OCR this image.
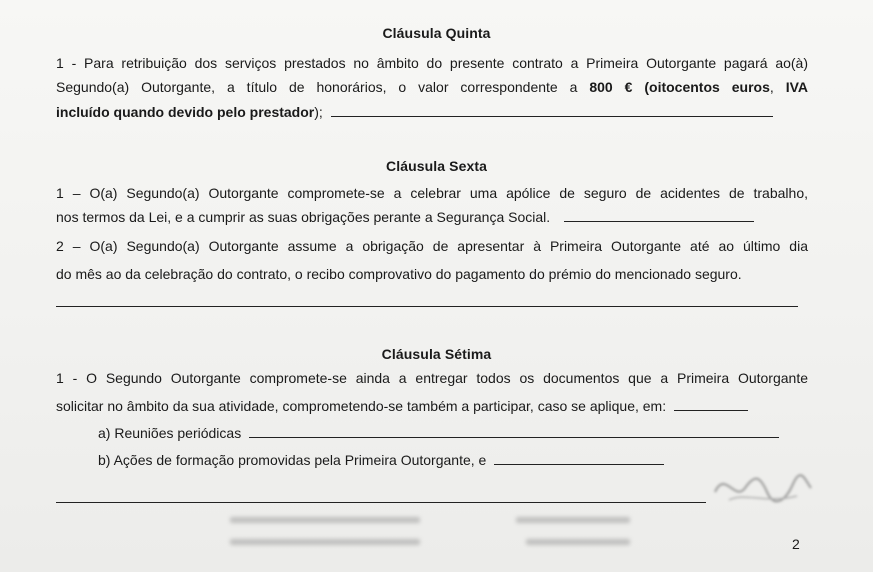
Cláusula Quinta
1 - Para retribuição dos serviços prestados no âmbito do presente contrato a Primeira Outorgante pagará ao(à)
Segundo(a) Outorgante, a título de honorários, o valor correspondente a 800 € (oitocentos euros, IVA
incluído quando devido pelo prestador);
Cláusula Sexta
1 – O(a) Segundo(a) Outorgante compromete-se a celebrar uma apólice de seguro de acidentes de trabalho,
nos termos da Lei, e a cumprir as suas obrigações perante a Segurança Social.
2 – O(a) Segundo(a) Outorgante assume a obrigação de apresentar à Primeira Outorgante até ao último dia
do mês ao da celebração do contrato, o recibo comprovativo do pagamento do prémio do mencionado seguro.
Cláusula Sétima
1 - O Segundo Outorgante compromete-se ainda a entregar todos os documentos que a Primeira Outorgante
solicitar no âmbito da sua atividade, comprometendo-se também a participar, caso se aplique, em:
a) Reuniões periódicas
b) Ações de formação promovidas pela Primeira Outorgante, e
2
